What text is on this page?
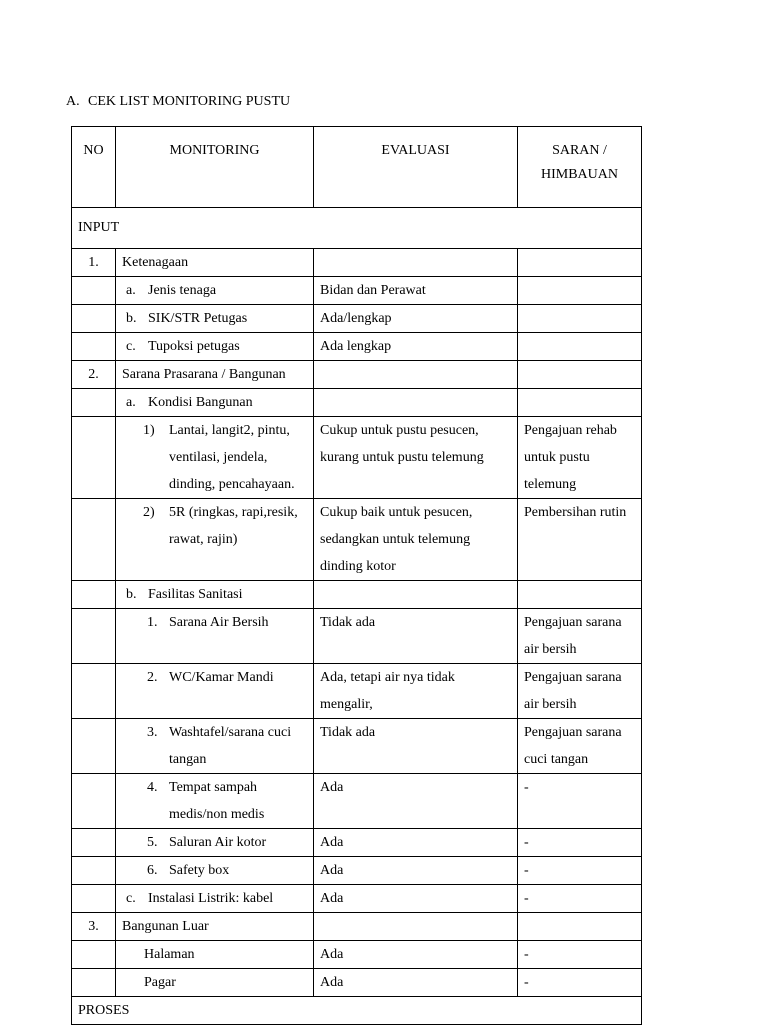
A. CEK LIST MONITORING PUSTU
NO	MONITORING	EVALUASI	SARAN / HIMBAUAN
INPUT			
1.	Ketenagaan		

	a. Jenis tenaga	Bidan dan Perawat	

	b. SIK/STR Petugas	Ada/lengkap	

	c. Tupoksi petugas	Ada lengkap	
2.	Sarana Prasarana / Bangunan		

	a. Kondisi Bangunan		

	1) Lantai, langit2, pintu, ventilasi, jendela, dinding, pencahayaan.	Cukup untuk pustu pesucen, kurang untuk pustu telemung	Pengajuan rehab untuk pustu telemung

	2) 5R (ringkas, rapi,resik, rawat, rajin)	Cukup baik untuk pesucen, sedangkan untuk telemung dinding kotor	Pembersihan rutin

	b. Fasilitas Sanitasi		

	1. Sarana Air Bersih	Tidak ada	Pengajuan sarana air bersih

	2. WC/Kamar Mandi	Ada, tetapi air nya tidak mengalir,	Pengajuan sarana air bersih

	3. Washtafel/sarana cuci tangan	Tidak ada	Pengajuan sarana cuci tangan

	4. Tempat sampah medis/non medis	Ada	-

	5. Saluran Air kotor	Ada	-

	6. Safety box	Ada	-

	c. Instalasi Listrik: kabel	Ada	-
3.	Bangunan Luar		

	Halaman	Ada	-

	Pagar	Ada	-
PROSES			
